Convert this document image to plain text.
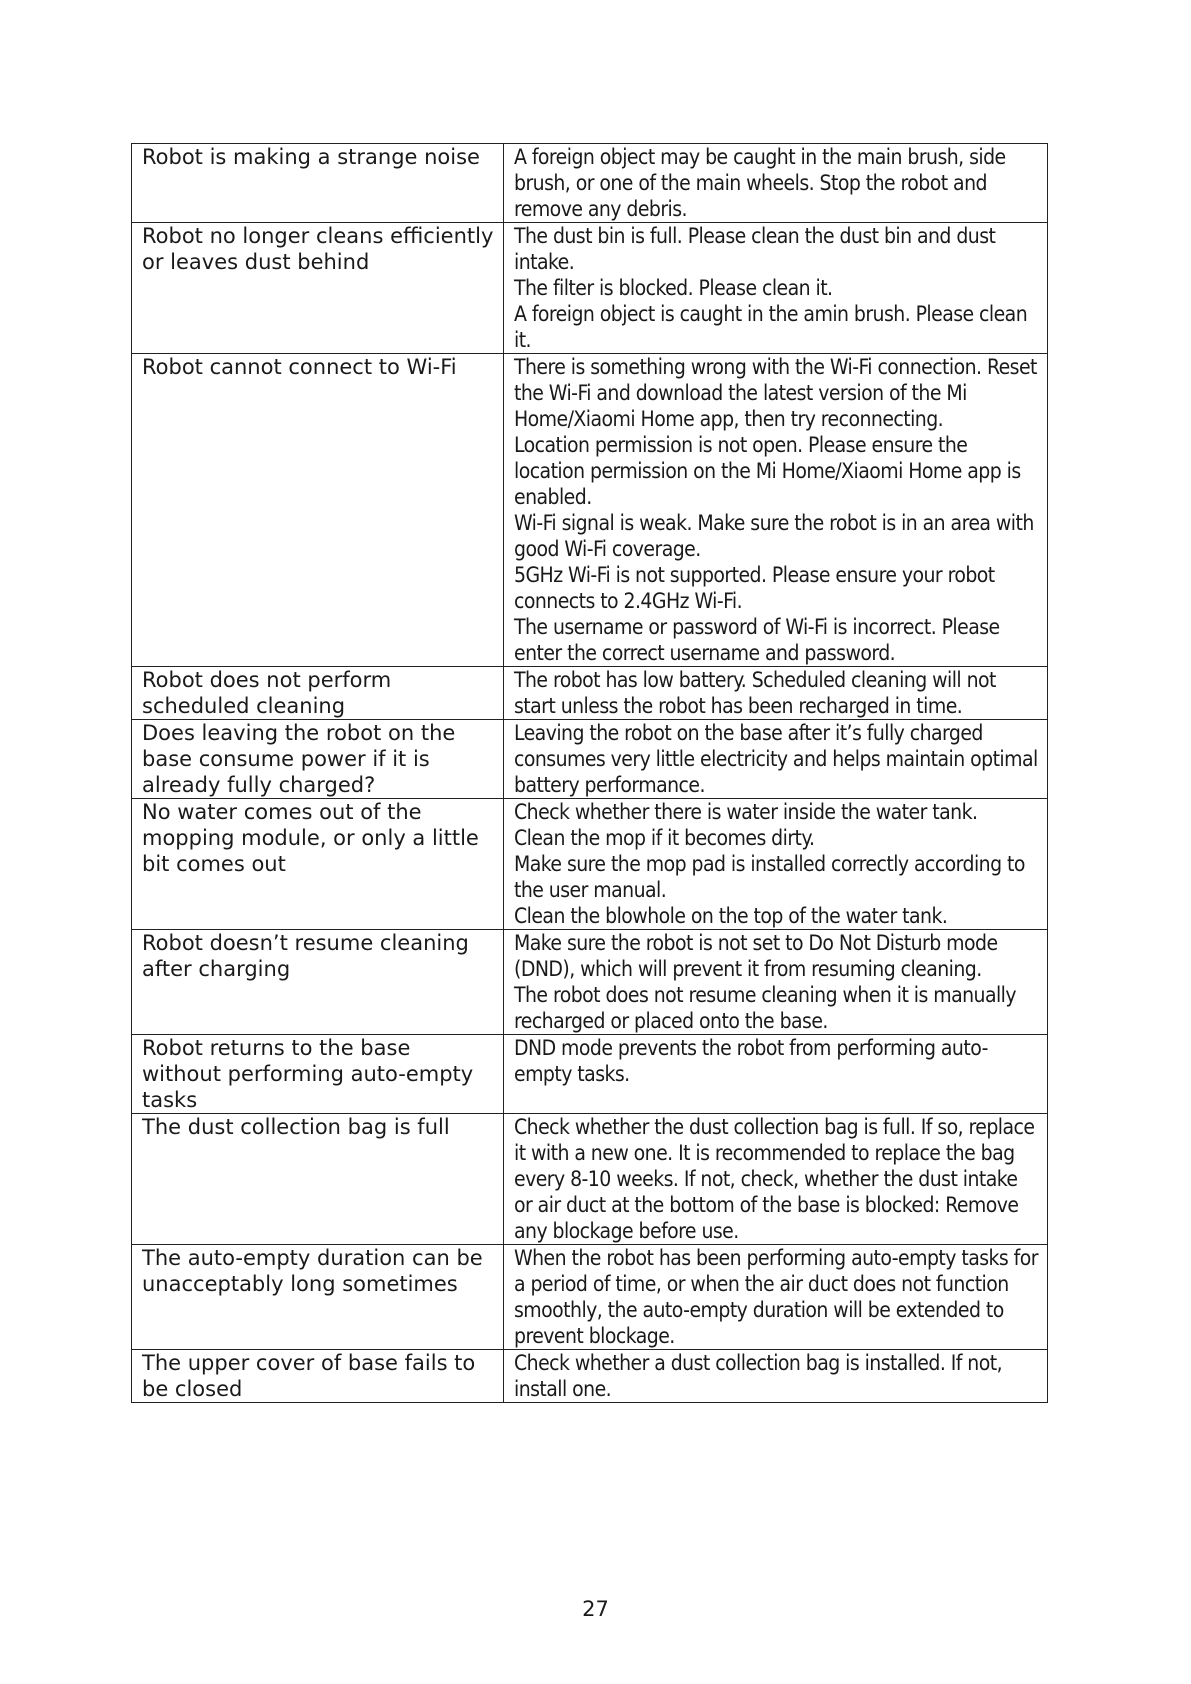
Robot is making a strange noise	A foreign object may be caught in the main brush, side brush, or one of the main wheels. Stop the robot and remove any debris.

Robot no longer cleans efficiently or leaves dust behind	The dust bin is full. Please clean the dust bin and dust intake.
The filter is blocked. Please clean it.
A foreign object is caught in the amin brush. Please clean it.

Robot cannot connect to Wi-Fi	There is something wrong with the Wi-Fi connection. Reset the Wi-Fi and download the latest version of the Mi Home/Xiaomi Home app, then try reconnecting.
Location permission is not open. Please ensure the location permission on the Mi Home/Xiaomi Home app is enabled.
Wi-Fi signal is weak. Make sure the robot is in an area with good Wi-Fi coverage.
5GHz Wi-Fi is not supported. Please ensure your robot connects to 2.4GHz Wi-Fi.
The username or password of Wi-Fi is incorrect. Please enter the correct username and password.

Robot does not perform scheduled cleaning	The robot has low battery. Scheduled cleaning will not start unless the robot has been recharged in time.

Does leaving the robot on the base consume power if it is already fully charged?	Leaving the robot on the base after it’s fully charged consumes very little electricity and helps maintain optimal battery performance.

No water comes out of the mopping module, or only a little bit comes out	Check whether there is water inside the water tank.
Clean the mop if it becomes dirty.
Make sure the mop pad is installed correctly according to the user manual.
Clean the blowhole on the top of the water tank.

Robot doesn’t resume cleaning after charging	Make sure the robot is not set to Do Not Disturb mode (DND), which will prevent it from resuming cleaning.
The robot does not resume cleaning when it is manually recharged or placed onto the base.

Robot returns to the base without performing auto-empty tasks	DND mode prevents the robot from performing auto-empty tasks.

The dust collection bag is full	Check whether the dust collection bag is full. If so, replace it with a new one. It is recommended to replace the bag every 8-10 weeks. If not, check, whether the dust intake or air duct at the bottom of the base is blocked: Remove any blockage before use.

The auto-empty duration can be unacceptably long sometimes	When the robot has been performing auto-empty tasks for a period of time, or when the air duct does not function smoothly, the auto-empty duration will be extended to prevent blockage.

The upper cover of base fails to be closed	Check whether a dust collection bag is installed. If not, install one.
27
